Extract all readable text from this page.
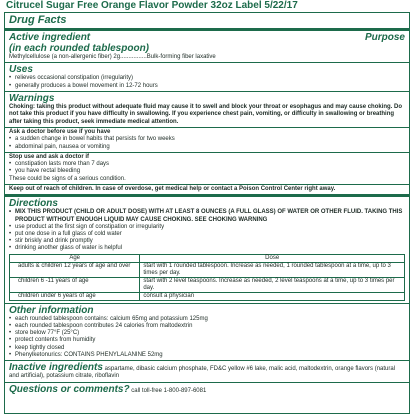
Citrucel Sugar Free Orange Flavor Powder 32oz Label 5/22/17
Drug Facts
Active ingredient	Purpose
(in each rounded tablespoon)
Methylcellulose (a non-allergenic fiber) 2g................Bulk-forming fiber laxative
Uses
• relieves occasional constipation (irregularity)
• generally produces a bowel movement in 12-72 hours
Warnings
Choking: taking this product without adequate fluid may cause it to swell and block your throat or esophagus and may cause choking. Do not take this product if you have difficulty in swallowing. If you experience chest pain, vomiting, or difficulty in swallowing or breathing after taking this product, seek immediate medical attention.
Ask a doctor before use if you have
• a sudden change in bowel habits that persists for two weeks
• abdominal pain, nausea or vomiting
Stop use and ask a doctor if
• constipation lasts more than 7 days
• you have rectal bleeding
These could be signs of a serious condition.
Keep out of reach of children. In case of overdose, get medical help or contact a Poison Control Center right away.
Directions
• MIX THIS PRODUCT (CHILD OR ADULT DOSE) WITH AT LEAST 8 OUNCES (A FULL GLASS) OF WATER OR OTHER FLUID. TAKING THIS PRODUCT WITHOUT ENOUGH LIQUID MAY CAUSE CHOKING. SEE CHOKING WARNING
• use product at the first sign of constipation or irregularity
• put one dose in a full glass of cold water
• stir briskly and drink promptly
• drinking another glass of water is helpful
Age	Dose
adults & children 12 years of age and over	start with 1 rounded tablespoon. Increase as needed, 1 rounded tablespoon at a time, up to 3 times per day.
children 6 -11 years of age	start with 2 level teaspoons. Increase as needed, 2 level teaspoons at a time, up to 3 times per day.
children under 6 years of age	consult a physician
Other information
• each rounded tablespoon contains: calcium 65mg and potassium 125mg
• each rounded tablespoon contributes 24 calories from maltodextrin
• store below 77°F (25°C)
• protect contents from humidity
• keep tightly closed
• Phenylketonurics: CONTAINS PHENYLALANINE 52mg
Inactive ingredients aspartame, dibasic calcium phosphate, FD&C yellow #6 lake, malic acid, maltodextrin, orange flavors (natural and artificial), potassium citrate, riboflavin
Questions or comments? call toll-free 1-800-897-6081
